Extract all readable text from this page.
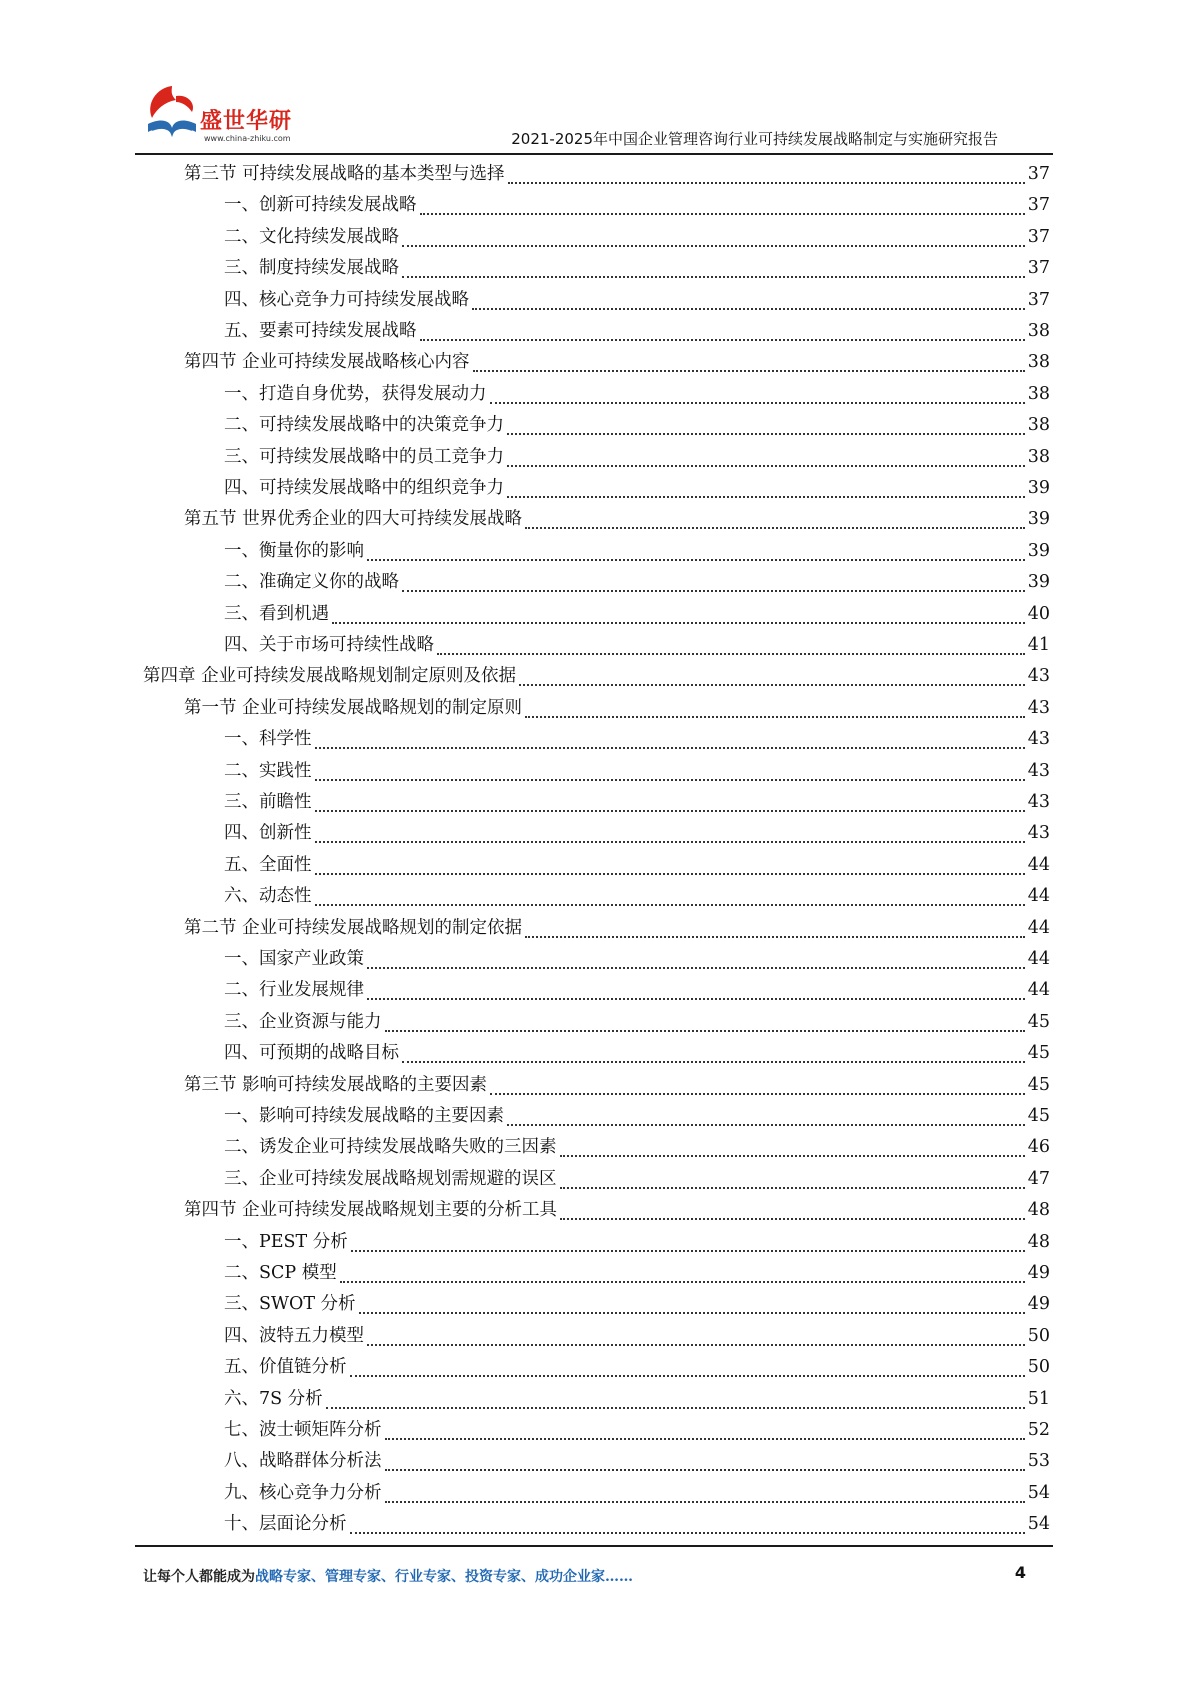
盛世华研
www.china-zhiku.com	2021-2025年中国企业管理咨询行业可持续发展战略制定与实施研究报告
第三节 可持续发展战略的基本类型与选择	37
一、创新可持续发展战略	37
二、文化持续发展战略	37
三、制度持续发展战略	37
四、核心竞争力可持续发展战略	37
五、要素可持续发展战略	38
第四节 企业可持续发展战略核心内容	38
一、打造自身优势，获得发展动力	38
二、可持续发展战略中的决策竞争力	38
三、可持续发展战略中的员工竞争力	38
四、可持续发展战略中的组织竞争力	39
第五节 世界优秀企业的四大可持续发展战略	39
一、衡量你的影响	39
二、准确定义你的战略	39
三、看到机遇	40
四、关于市场可持续性战略	41
第四章 企业可持续发展战略规划制定原则及依据	43
第一节 企业可持续发展战略规划的制定原则	43
一、科学性	43
二、实践性	43
三、前瞻性	43
四、创新性	43
五、全面性	44
六、动态性	44
第二节 企业可持续发展战略规划的制定依据	44
一、国家产业政策	44
二、行业发展规律	44
三、企业资源与能力	45
四、可预期的战略目标	45
第三节 影响可持续发展战略的主要因素	45
一、影响可持续发展战略的主要因素	45
二、诱发企业可持续发展战略失败的三因素	46
三、企业可持续发展战略规划需规避的误区	47
第四节 企业可持续发展战略规划主要的分析工具	48
一、PEST 分析	48
二、SCP 模型	49
三、SWOT 分析	49
四、波特五力模型	50
五、价值链分析	50
六、7S 分析	51
七、波士顿矩阵分析	52
八、战略群体分析法	53
九、核心竞争力分析	54
十、层面论分析	54
让每个人都能成为战略专家、管理专家、行业专家、投资专家、成功企业家……	4
